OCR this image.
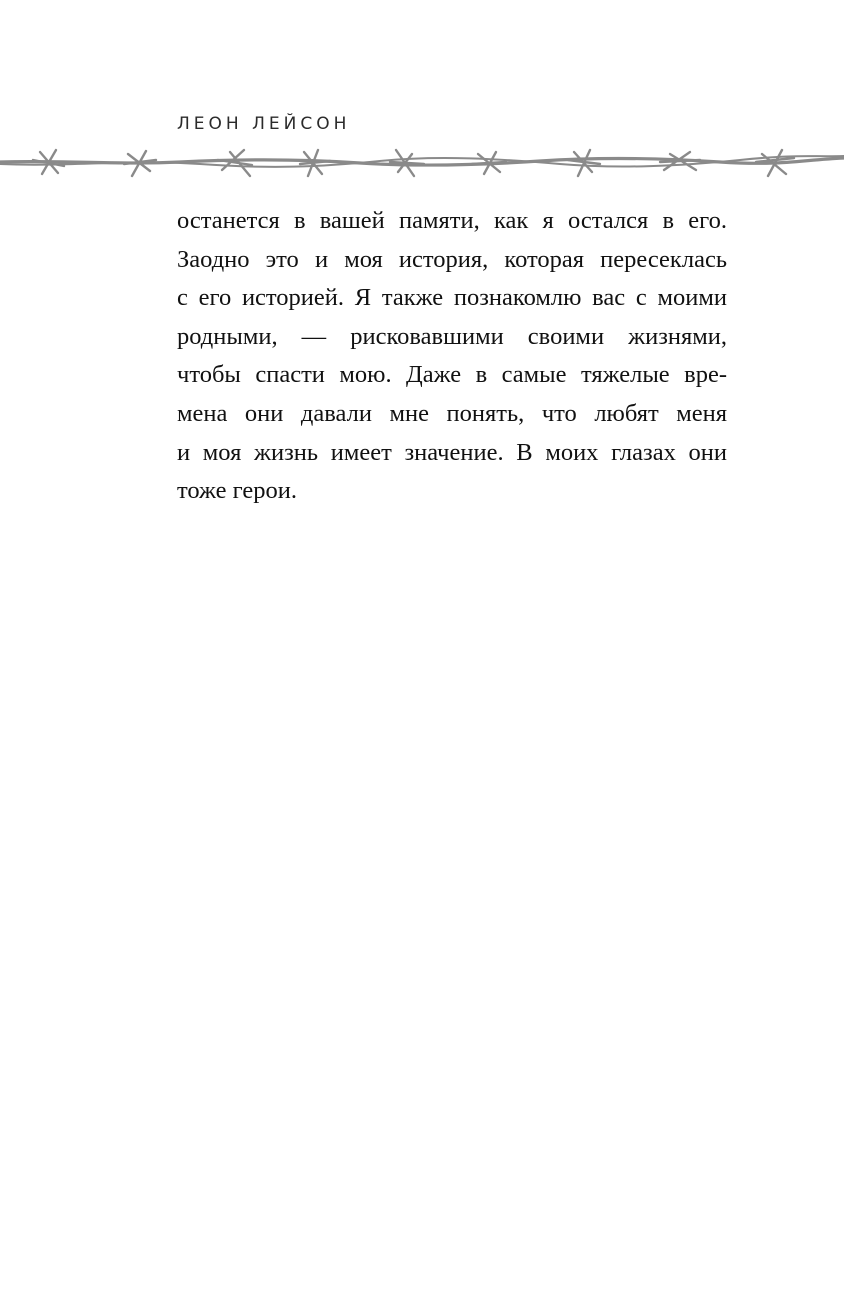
ЛЕОН ЛЕЙСОН
останется в вашей памяти, как я остался в его.
Заодно это и моя история, которая пересеклась
с его историей. Я также познакомлю вас с моими
родными, — рисковавшими своими жизнями,
чтобы спасти мою. Даже в самые тяжелые вре-
мена они давали мне понять, что любят меня
и моя жизнь имеет значение. В моих глазах они
тоже герои.
